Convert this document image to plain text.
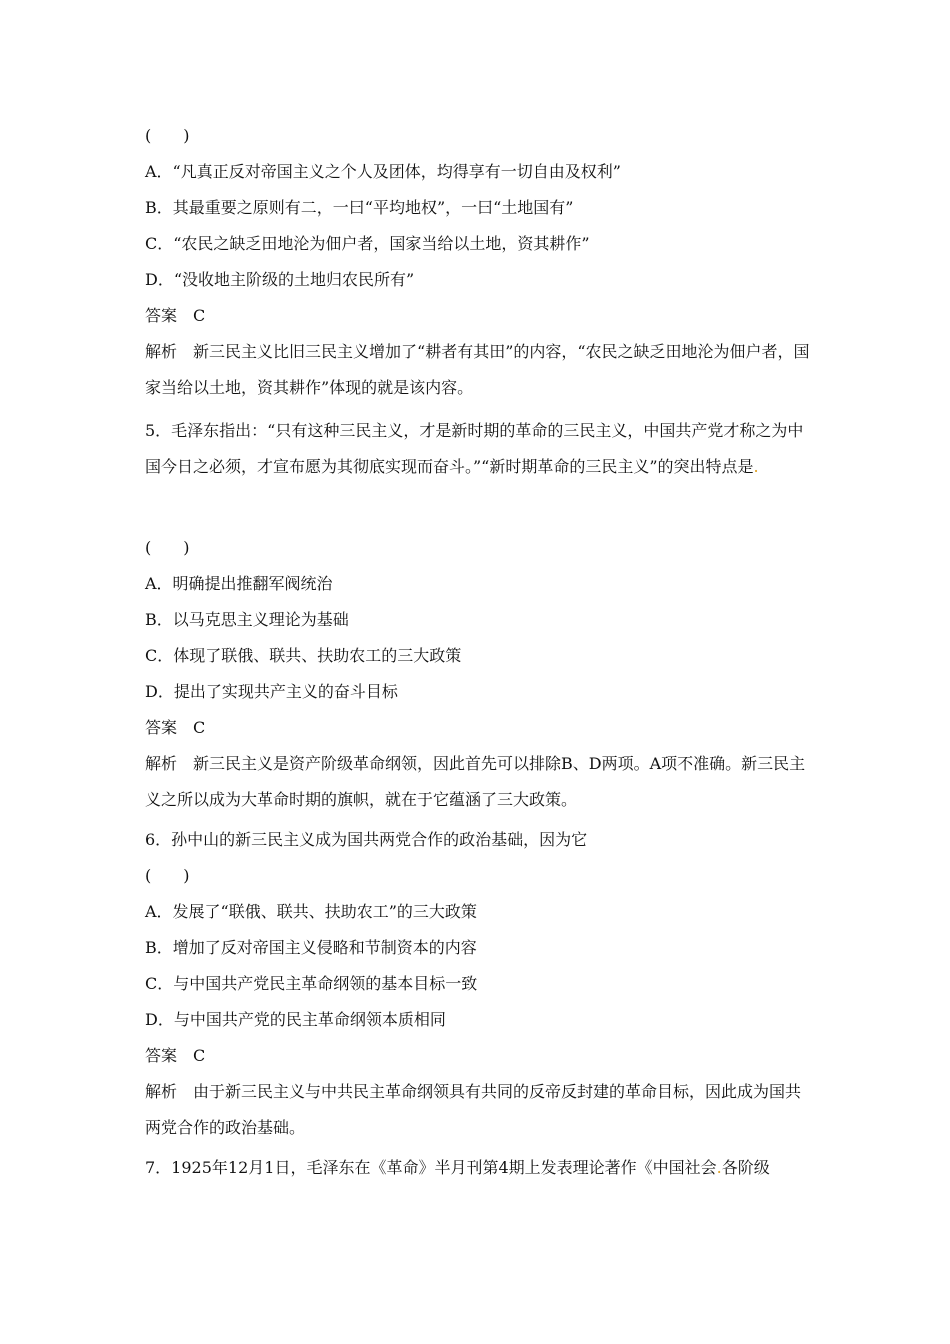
(　　)
A．“凡真正反对帝国主义之个人及团体，均得享有一切自由及权利”
B．其最重要之原则有二，一曰“平均地权”，一曰“土地国有”
C．“农民之缺乏田地沦为佃户者，国家当给以土地，资其耕作”
D．“没收地主阶级的土地归农民所有”
答案 C
解析 新三民主义比旧三民主义增加了“耕者有其田”的内容，“农民之缺乏田地沦为佃户者，国家当给以土地，资其耕作”体现的就是该内容。
5．毛泽东指出：“只有这种三民主义，才是新时期的革命的三民主义，中国共产党才称之为中国今日之必须，才宣布愿为其彻底实现而奋斗。”“新时期革命的三民主义”的突出特点是.
(　　)
A．明确提出推翻军阀统治
B．以马克思主义理论为基础
C．体现了联俄、联共、扶助农工的三大政策
D．提出了实现共产主义的奋斗目标
答案 C
解析 新三民主义是资产阶级革命纲领，因此首先可以排除B、D两项。A项不准确。新三民主义之所以成为大革命时期的旗帜，就在于它蕴涵了三大政策。
6．孙中山的新三民主义成为国共两党合作的政治基础，因为它
(　　)
A．发展了“联俄、联共、扶助农工”的三大政策
B．增加了反对帝国主义侵略和节制资本的内容
C．与中国共产党民主革命纲领的基本目标一致
D．与中国共产党的民主革命纲领本质相同
答案 C
解析 由于新三民主义与中共民主革命纲领具有共同的反帝反封建的革命目标，因此成为国共两党合作的政治基础。
7．1925年12月1日，毛泽东在《革命》半月刊第4期上发表理论著作《中国社会.各阶级
